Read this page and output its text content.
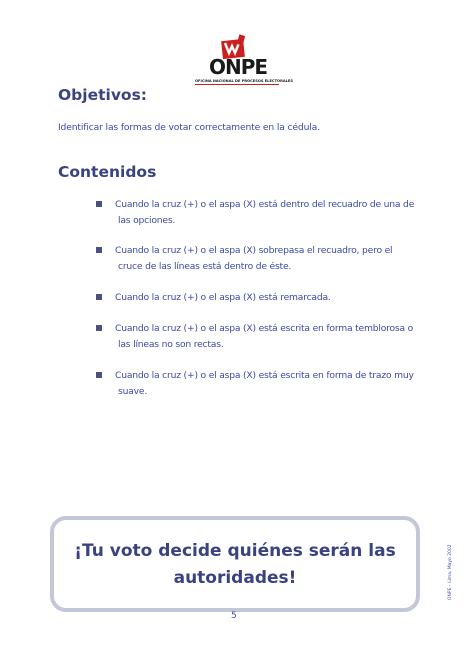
ONPE
OFICINA NACIONAL DE PROCESOS ELECTORALES
Objetivos:

Identificar las formas de votar correctamente en la cédula.

Contenidos
Cuando la cruz (+) o el aspa (X) está dentro del recuadro de una de
las opciones.
Cuando la cruz (+) o el aspa (X) sobrepasa el recuadro, pero el
cruce de las líneas está dentro de éste.
Cuando la cruz (+) o el aspa (X) está remarcada.
Cuando la cruz (+) o el aspa (X) está escrita en forma temblorosa o
las líneas no son rectas.
Cuando la cruz (+) o el aspa (X) está escrita en forma de trazo muy
suave.
¡Tu voto decide quiénes serán las
autoridades!
5
ONPE - Lima, Mayo 2002
